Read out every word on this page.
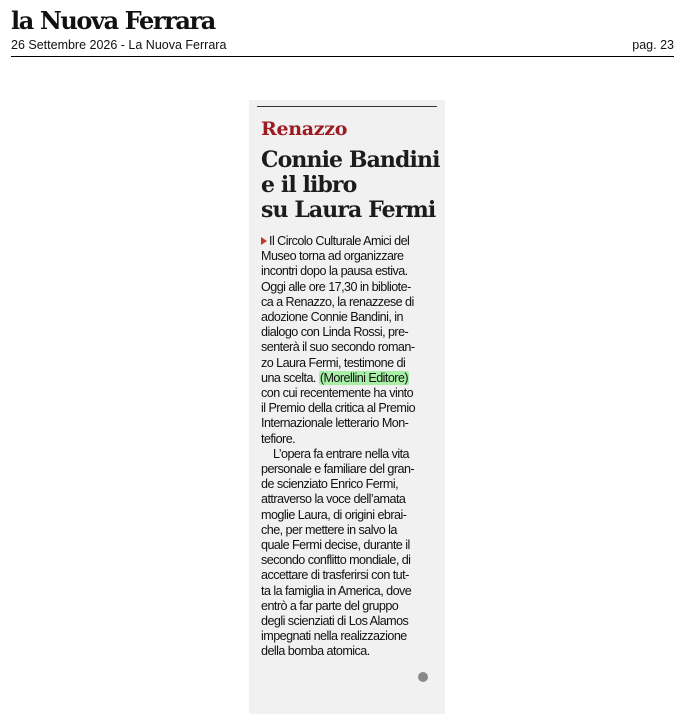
la Nuova Ferrara
26 Settembre 2026 - La Nuova Ferrara	pag. 23
Renazzo
Connie Bandini
e il libro
su Laura Fermi
Il Circolo Culturale Amici del
Museo torna ad organizzare
incontri dopo la pausa estiva.
Oggi alle ore 17,30 in bibliote-
ca a Renazzo, la renazzese di
adozione Connie Bandini, in
dialogo con Linda Rossi, pre-
senterà il suo secondo roman-
zo Laura Fermi, testimone di
una scelta. (Morellini Editore)
con cui recentemente ha vinto
il Premio della critica al Premio
Internazionale letterario Mon-
tefiore.
L’opera fa entrare nella vita
personale e familiare del gran-
de scienziato Enrico Fermi,
attraverso la voce dell’amata
moglie Laura, di origini ebrai-
che, per mettere in salvo la
quale Fermi decise, durante il
secondo conflitto mondiale, di
accettare di trasferirsi con tut-
ta la famiglia in America, dove
entrò a far parte del gruppo
degli scienziati di Los Alamos
impegnati nella realizzazione
della bomba atomica.
